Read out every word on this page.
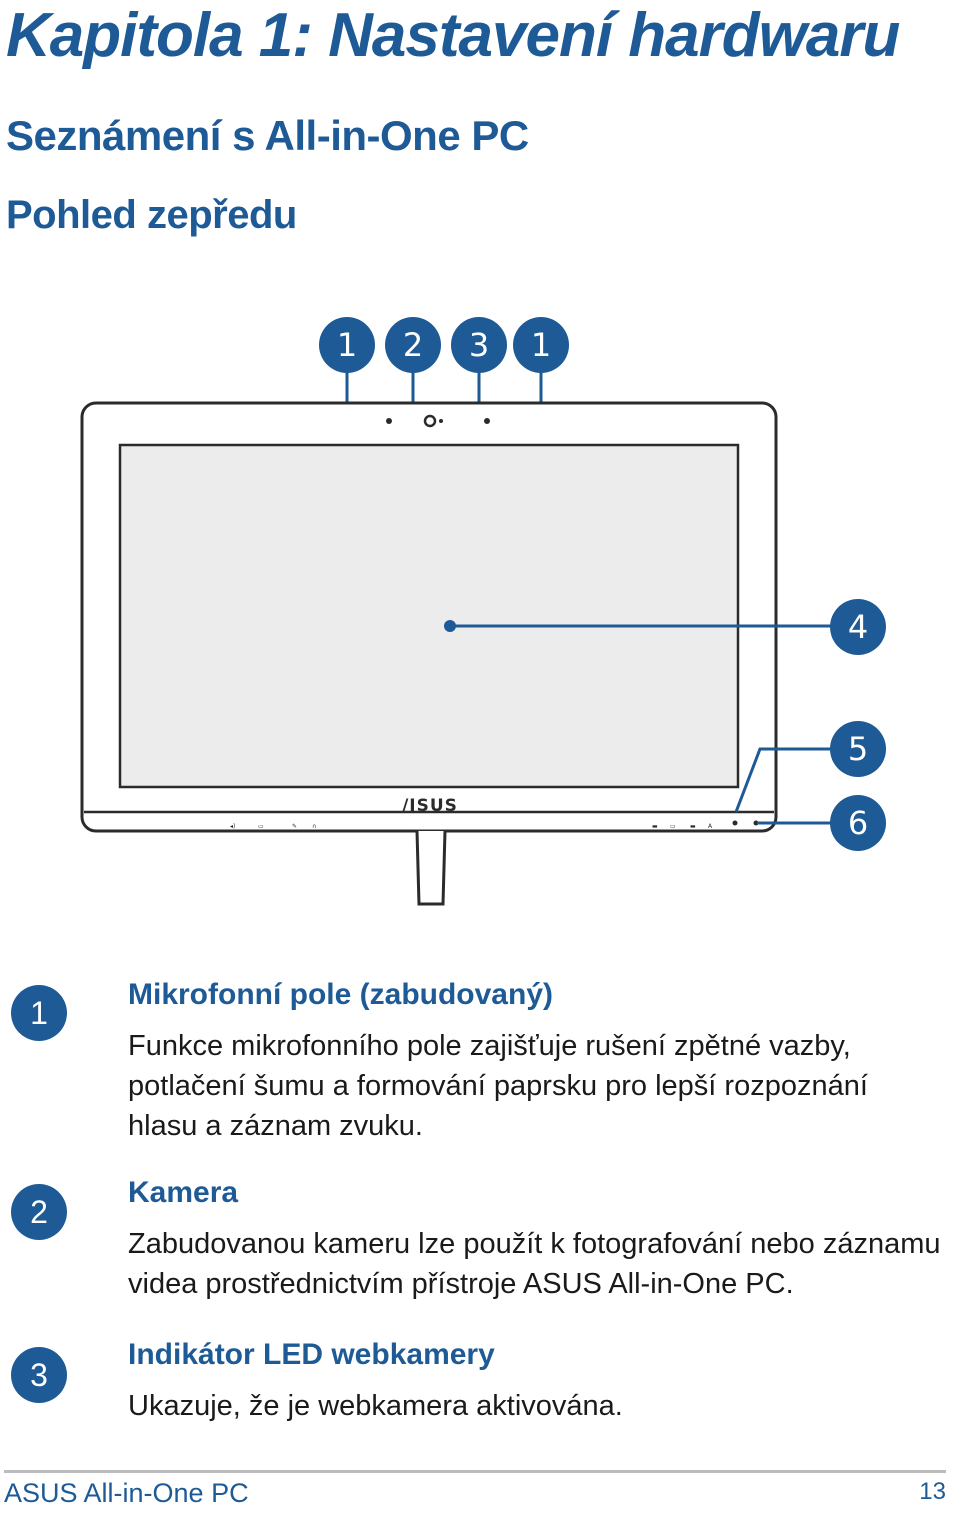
Kapitola 1: Nastavení hardwaru
Seznámení s All-in-One PC
Pohled zepředu
◂)	▭	✎ ∩	▬ ▭ ▬ A
/ISUS
1 2 3 1
4
5
6
1

Mikrofonní pole (zabudovaný)

Funkce mikrofonního pole zajišťuje rušení zpětné vazby, potlačení šumu a formování paprsku pro lepší rozpoznání hlasu a záznam zvuku.

2

Kamera

Zabudovanou kameru lze použít k fotografování nebo záznamu videa prostřednictvím přístroje ASUS All-in-One PC.

3

Indikátor LED webkamery

Ukazuje, že je webkamera aktivována.

ASUS All-in-One PC	13
